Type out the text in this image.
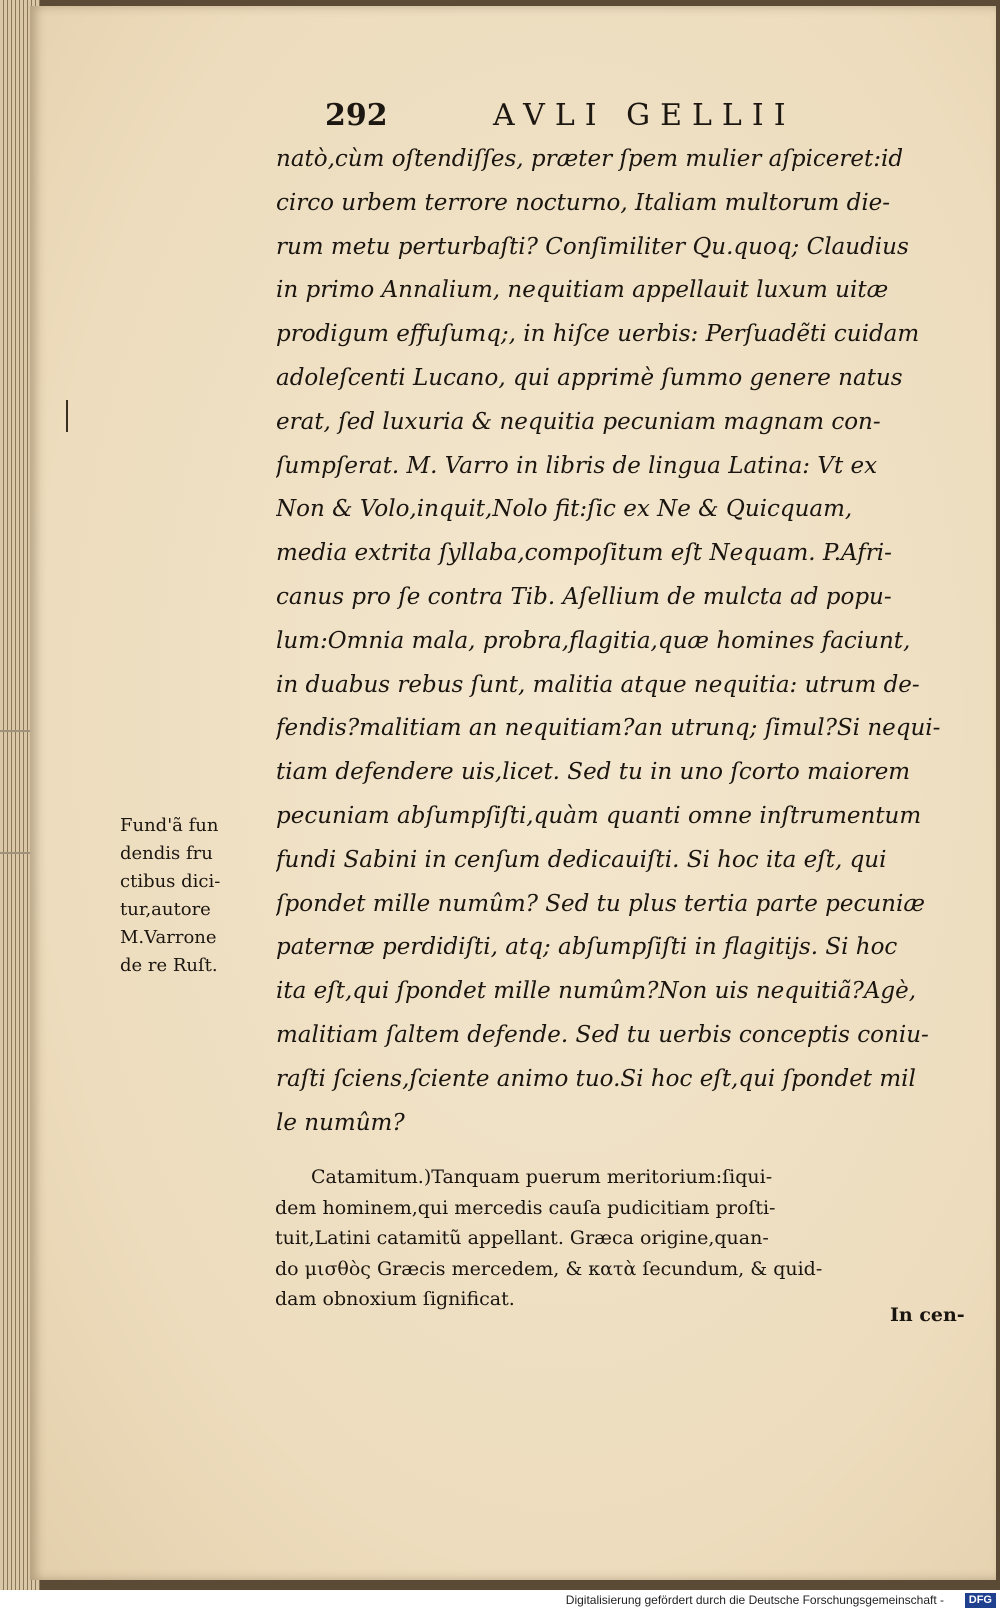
292	AVLI GELLII
natò,cùm oſtendiſſes, præter ſpem mulier aſpiceret:id
circo urbem terrore nocturno, Italiam multorum die-
rum metu perturbaſti? Conſimiliter Qu.quoq; Claudius
in primo Annalium, nequitiam appellauit luxum uitæ
prodigum effuſumq;, in hiſce uerbis: Perſuadẽti cuidam
adoleſcenti Lucano, qui apprimè ſummo genere natus
erat, ſed luxuria & nequitia pecuniam magnam con-
ſumpſerat. M. Varro in libris de lingua Latina: Vt ex
Non & Volo,inquit,Nolo fit:ſic ex Ne & Quicquam,
media extrita ſyllaba,compoſitum eſt Nequam. P.Afri-
canus pro ſe contra Tib. Aſellium de mulcta ad popu-
lum:Omnia mala, probra,flagitia,quæ homines faciunt,
in duabus rebus ſunt, malitia atque nequitia: utrum de-
fendis?malitiam an nequitiam?an utrunq; ſimul?Si nequi-
tiam defendere uis,licet. Sed tu in uno ſcorto maiorem
pecuniam abſumpſiſti,quàm quanti omne inſtrumentum
fundi Sabini in cenſum dedicauiſti. Si hoc ita eſt, qui
ſpondet mille numûm? Sed tu plus tertia parte pecuniæ
paternæ perdidiſti, atq; abſumpſiſti in flagitijs. Si hoc
ita eſt,qui ſpondet mille numûm?Non uis nequitiã?Agè,
malitiam ſaltem defende. Sed tu uerbis conceptis coniu-
raſti ſciens,ſciente animo tuo.Si hoc eſt,qui ſpondet mil
le numûm?
Fund'ã fun
dendis fru
ctibus dici-
tur,autore
M.Varrone
de re Ruſt.
Catamitum.)Tanquam puerum meritorium:ſiqui-
dem hominem,qui mercedis cauſa pudicitiam proſti-
tuit,Latini catamitũ appellant. Græca origine,quan-
do μισθὸς Græcis mercedem, & κατὰ ſecundum, & quid-
dam obnoxium ſignificat.
In cen-
Digitalisierung gefördert durch die Deutsche Forschungsgemeinschaft -	DFG
